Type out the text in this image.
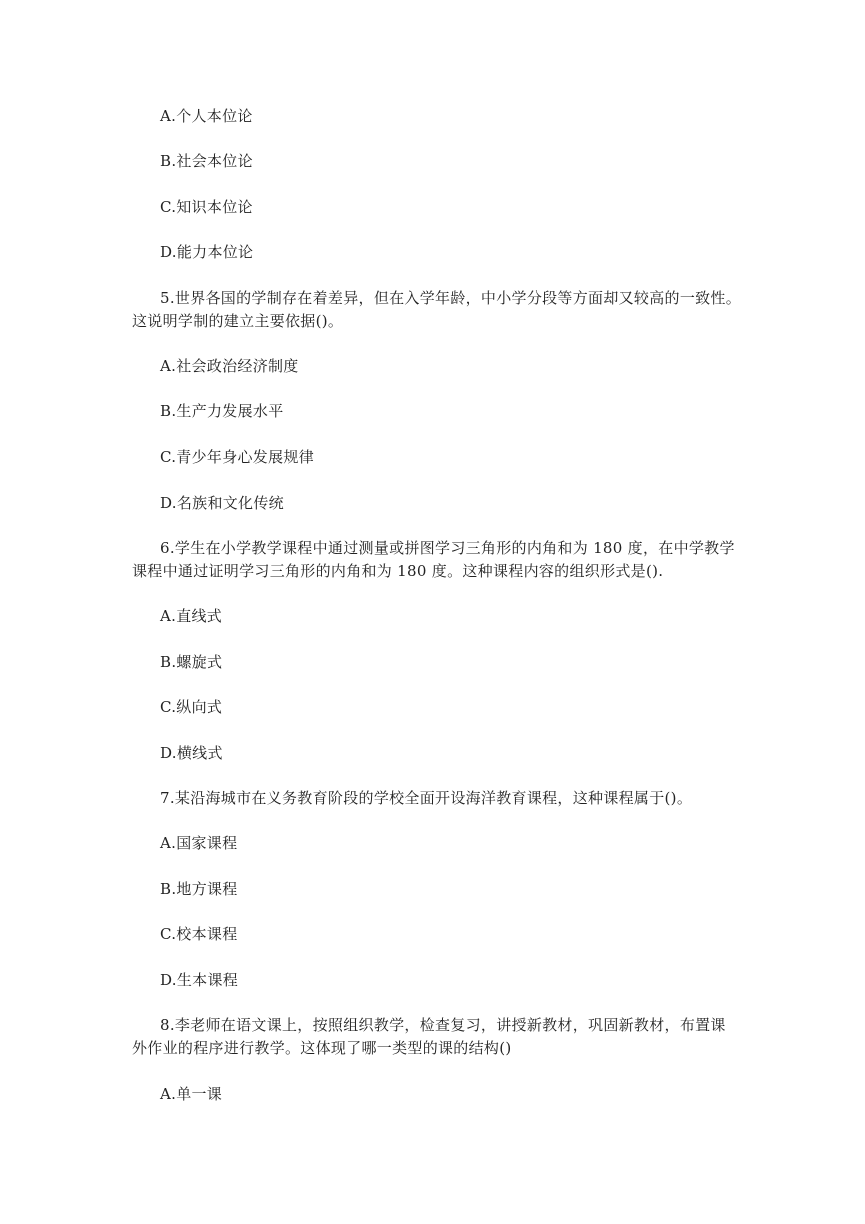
A.个人本位论
B.社会本位论
C.知识本位论
D.能力本位论
5.世界各国的学制存在着差异，但在入学年龄，中小学分段等方面却又较高的一致性。
这说明学制的建立主要依据()。
A.社会政治经济制度
B.生产力发展水平
C.青少年身心发展规律
D.名族和文化传统
6.学生在小学教学课程中通过测量或拼图学习三角形的内角和为 180 度，在中学教学
课程中通过证明学习三角形的内角和为 180 度。这种课程内容的组织形式是().
A.直线式
B.螺旋式
C.纵向式
D.横线式
7.某沿海城市在义务教育阶段的学校全面开设海洋教育课程，这种课程属于()。
A.国家课程
B.地方课程
C.校本课程
D.生本课程
8.李老师在语文课上，按照组织教学，检查复习，讲授新教材，巩固新教材，布置课
外作业的程序进行教学。这体现了哪一类型的课的结构()
A.单一课
